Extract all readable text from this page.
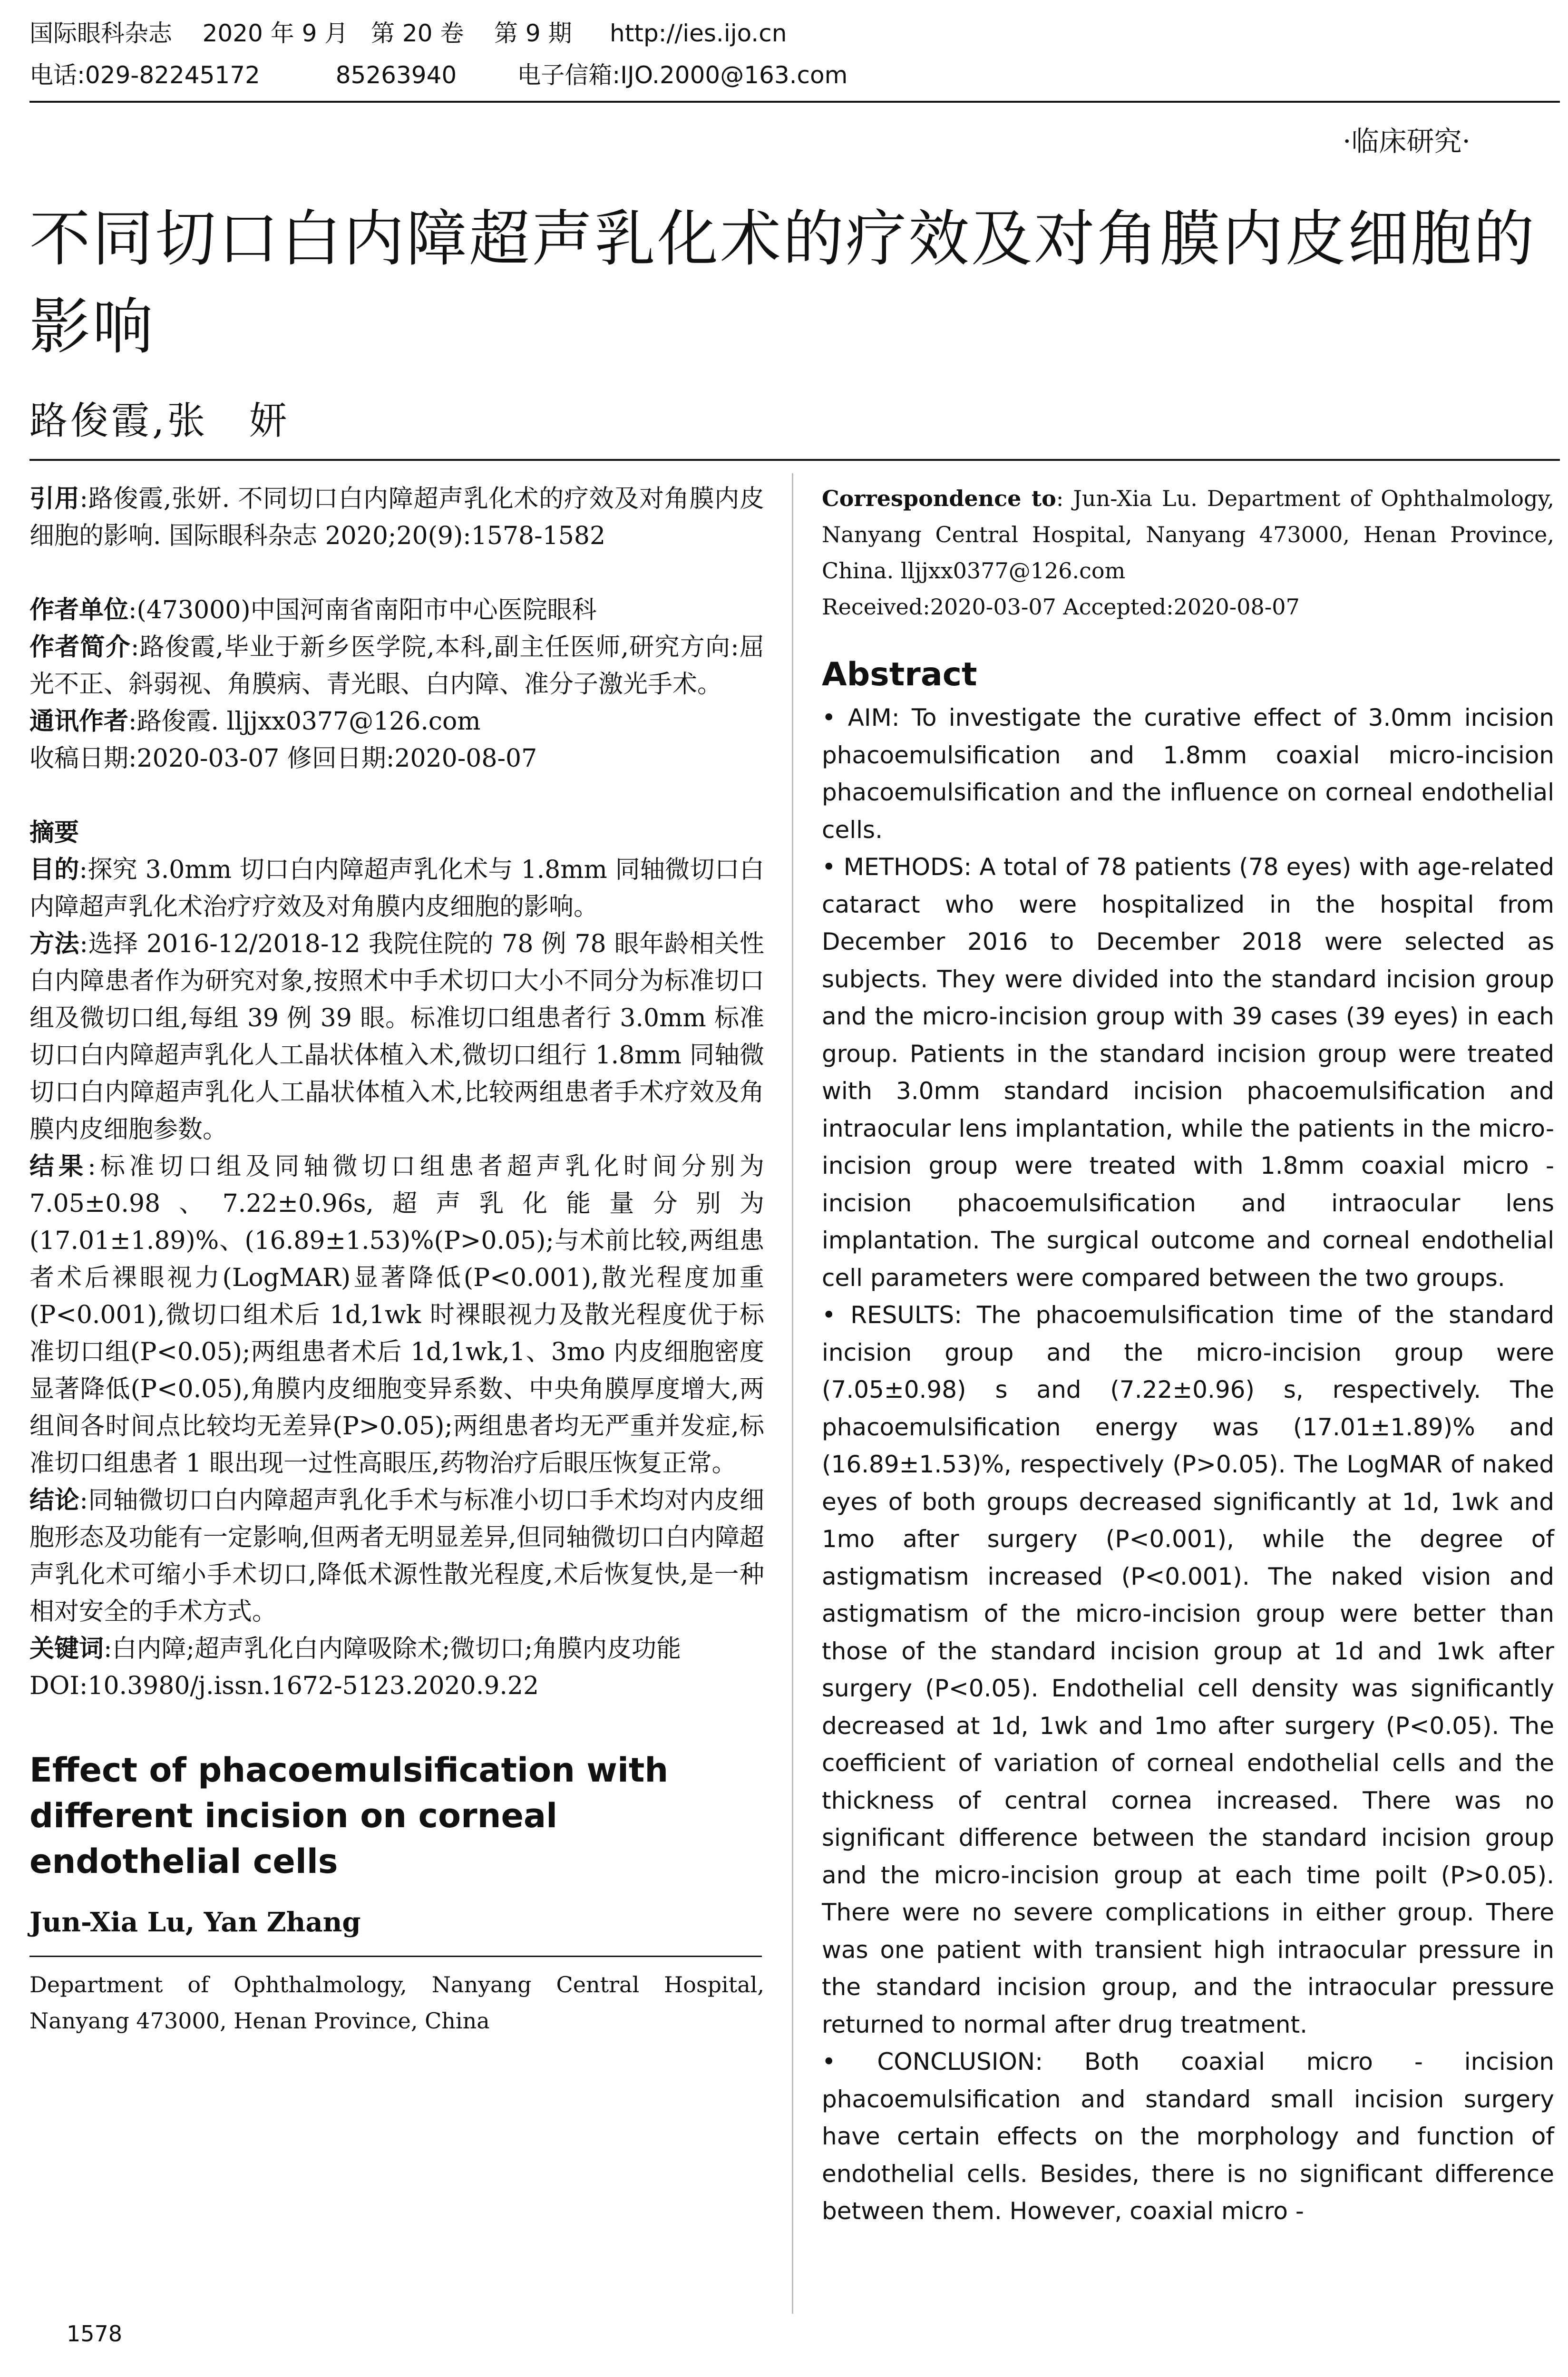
国际眼科杂志    2020 年 9 月   第 20 卷    第 9 期     http://ies.ijo.cn
电话:029-82245172          85263940        电子信箱:IJO.2000@163.com
·临床研究·
不同切口白内障超声乳化术的疗效及对角膜内皮细胞的影响
路俊霞,张　妍

引用:路俊霞,张妍. 不同切口白内障超声乳化术的疗效及对角膜内皮细胞的影响. 国际眼科杂志 2020;20(9):1578-1582

作者单位:(473000)中国河南省南阳市中心医院眼科

作者简介:路俊霞,毕业于新乡医学院,本科,副主任医师,研究方向:屈光不正、斜弱视、角膜病、青光眼、白内障、准分子激光手术。

通讯作者:路俊霞. lljjxx0377@126.com

收稿日期:2020-03-07 修回日期:2020-08-07

摘要

目的:探究 3.0mm 切口白内障超声乳化术与 1.8mm 同轴微切口白内障超声乳化术治疗疗效及对角膜内皮细胞的影响。

方法:选择 2016-12/2018-12 我院住院的 78 例 78 眼年龄相关性白内障患者作为研究对象,按照术中手术切口大小不同分为标准切口组及微切口组,每组 39 例 39 眼。标准切口组患者行 3.0mm 标准切口白内障超声乳化人工晶状体植入术,微切口组行 1.8mm 同轴微切口白内障超声乳化人工晶状体植入术,比较两组患者手术疗效及角膜内皮细胞参数。

结果:标准切口组及同轴微切口组患者超声乳化时间分别为 7.05±0.98、7.22±0.96s,超声乳化能量分别为(17.01±1.89)%、(16.89±1.53)%(P>0.05);与术前比较,两组患者术后裸眼视力(LogMAR)显著降低(P<0.001),散光程度加重(P<0.001),微切口组术后 1d,1wk 时裸眼视力及散光程度优于标准切口组(P<0.05);两组患者术后 1d,1wk,1、3mo 内皮细胞密度显著降低(P<0.05),角膜内皮细胞变异系数、中央角膜厚度增大,两组间各时间点比较均无差异(P>0.05);两组患者均无严重并发症,标准切口组患者 1 眼出现一过性高眼压,药物治疗后眼压恢复正常。

结论:同轴微切口白内障超声乳化手术与标准小切口手术均对内皮细胞形态及功能有一定影响,但两者无明显差异,但同轴微切口白内障超声乳化术可缩小手术切口,降低术源性散光程度,术后恢复快,是一种相对安全的手术方式。

关键词:白内障;超声乳化白内障吸除术;微切口;角膜内皮功能

DOI:10.3980/j.issn.1672-5123.2020.9.22

Effect of phacoemulsification with different incision on corneal endothelial cells
Jun-Xia Lu, Yan Zhang

Department of Ophthalmology, Nanyang Central Hospital, Nanyang 473000, Henan Province, China

Correspondence to: Jun-Xia Lu. Department of Ophthalmology, Nanyang Central Hospital, Nanyang 473000, Henan Province, China. lljjxx0377@126.com

Received:2020-03-07 Accepted:2020-08-07

Abstract

• AIM: To investigate the curative effect of 3.0mm incision phacoemulsification and 1.8mm coaxial micro-incision phacoemulsification and the influence on corneal endothelial cells.

• METHODS: A total of 78 patients (78 eyes) with age-related cataract who were hospitalized in the hospital from December 2016 to December 2018 were selected as subjects. They were divided into the standard incision group and the micro-incision group with 39 cases (39 eyes) in each group. Patients in the standard incision group were treated with 3.0mm standard incision phacoemulsification and intraocular lens implantation, while the patients in the micro-incision group were treated with 1.8mm coaxial micro - incision phacoemulsification and intraocular lens implantation. The surgical outcome and corneal endothelial cell parameters were compared between the two groups.

• RESULTS: The phacoemulsification time of the standard incision group and the micro-incision group were (7.05±0.98) s and (7.22±0.96) s, respectively. The phacoemulsification energy was (17.01±1.89)% and (16.89±1.53)%, respectively (P>0.05). The LogMAR of naked eyes of both groups decreased significantly at 1d, 1wk and 1mo after surgery (P<0.001), while the degree of astigmatism increased (P<0.001). The naked vision and astigmatism of the micro-incision group were better than those of the standard incision group at 1d and 1wk after surgery (P<0.05). Endothelial cell density was significantly decreased at 1d, 1wk and 1mo after surgery (P<0.05). The coefficient of variation of corneal endothelial cells and the thickness of central cornea increased. There was no significant difference between the standard incision group and the micro-incision group at each time poilt (P>0.05). There were no severe complications in either group. There was one patient with transient high intraocular pressure in the standard incision group, and the intraocular pressure returned to normal after drug treatment.

• CONCLUSION: Both coaxial micro - incision phacoemulsification and standard small incision surgery have certain effects on the morphology and function of endothelial cells. Besides, there is no significant difference between them. However, coaxial micro -

1578
